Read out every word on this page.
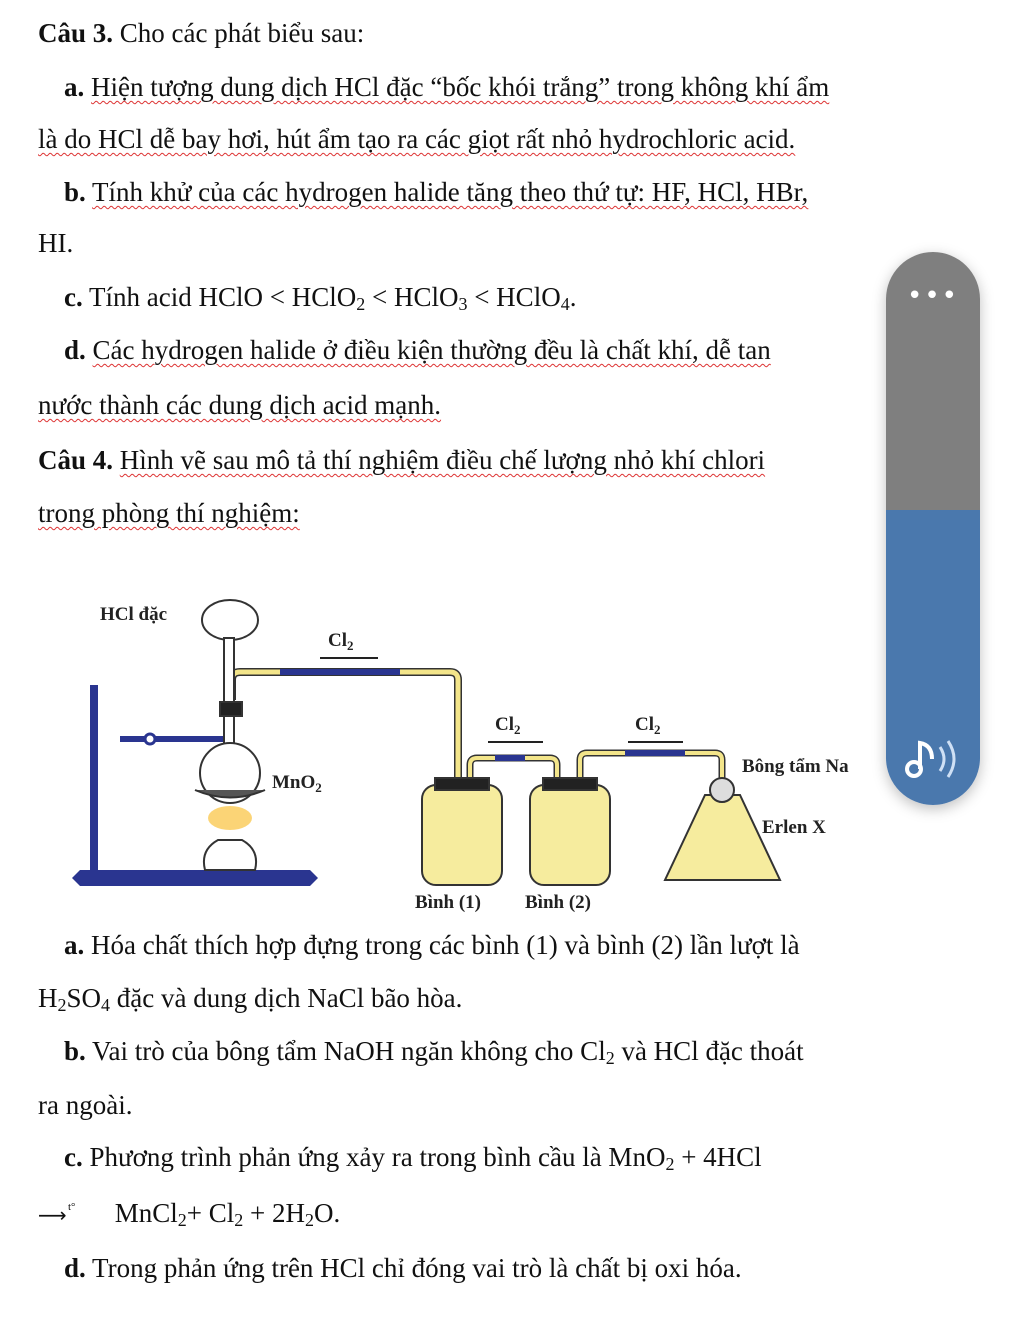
Câu 3. Cho các phát biểu sau:
a. Hiện tượng dung dịch HCl đặc “bốc khói trắng” trong không khí ẩm
là do HCl dễ bay hơi, hút ẩm tạo ra các giọt rất nhỏ hydrochloric acid.
b. Tính khử của các hydrogen halide tăng theo thứ tự: HF, HCl, HBr,
HI.
c. Tính acid HClO < HClO$_2$ < HClO$_3$ < HClO$_4$.
d. Các hydrogen halide ở điều kiện thường đều là chất khí, dễ tan
nước thành các dung dịch acid mạnh.
Câu 4. Hình vẽ sau mô tả thí nghiệm điều chế lượng nhỏ khí chlori
trong phòng thí nghiệm:
HCl đặc
$Cl_2$
$Cl_2$	$Cl_2$
MnO$_2$
Bình (1) Bình (2)
Bông tẩm Na
Erlen X
a. Hóa chất thích hợp đựng trong các bình (1) và bình (2) lần lượt là
$H_2SO_4$ đặc và dung dịch NaCl bão hòa.
b. Vai trò của bông tẩm NaOH ngăn không cho $Cl_2$ và HCl đặc thoát
ra ngoài.
c. Phương trình phản ứng xảy ra trong bình cầu là MnO$_2$ + 4HCl
t°
⟶ MnCl$_2$+ $Cl_2 + 2H_2O$.
d. Trong phản ứng trên HCl chỉ đóng vai trò là chất bị oxi hóa.
•••
